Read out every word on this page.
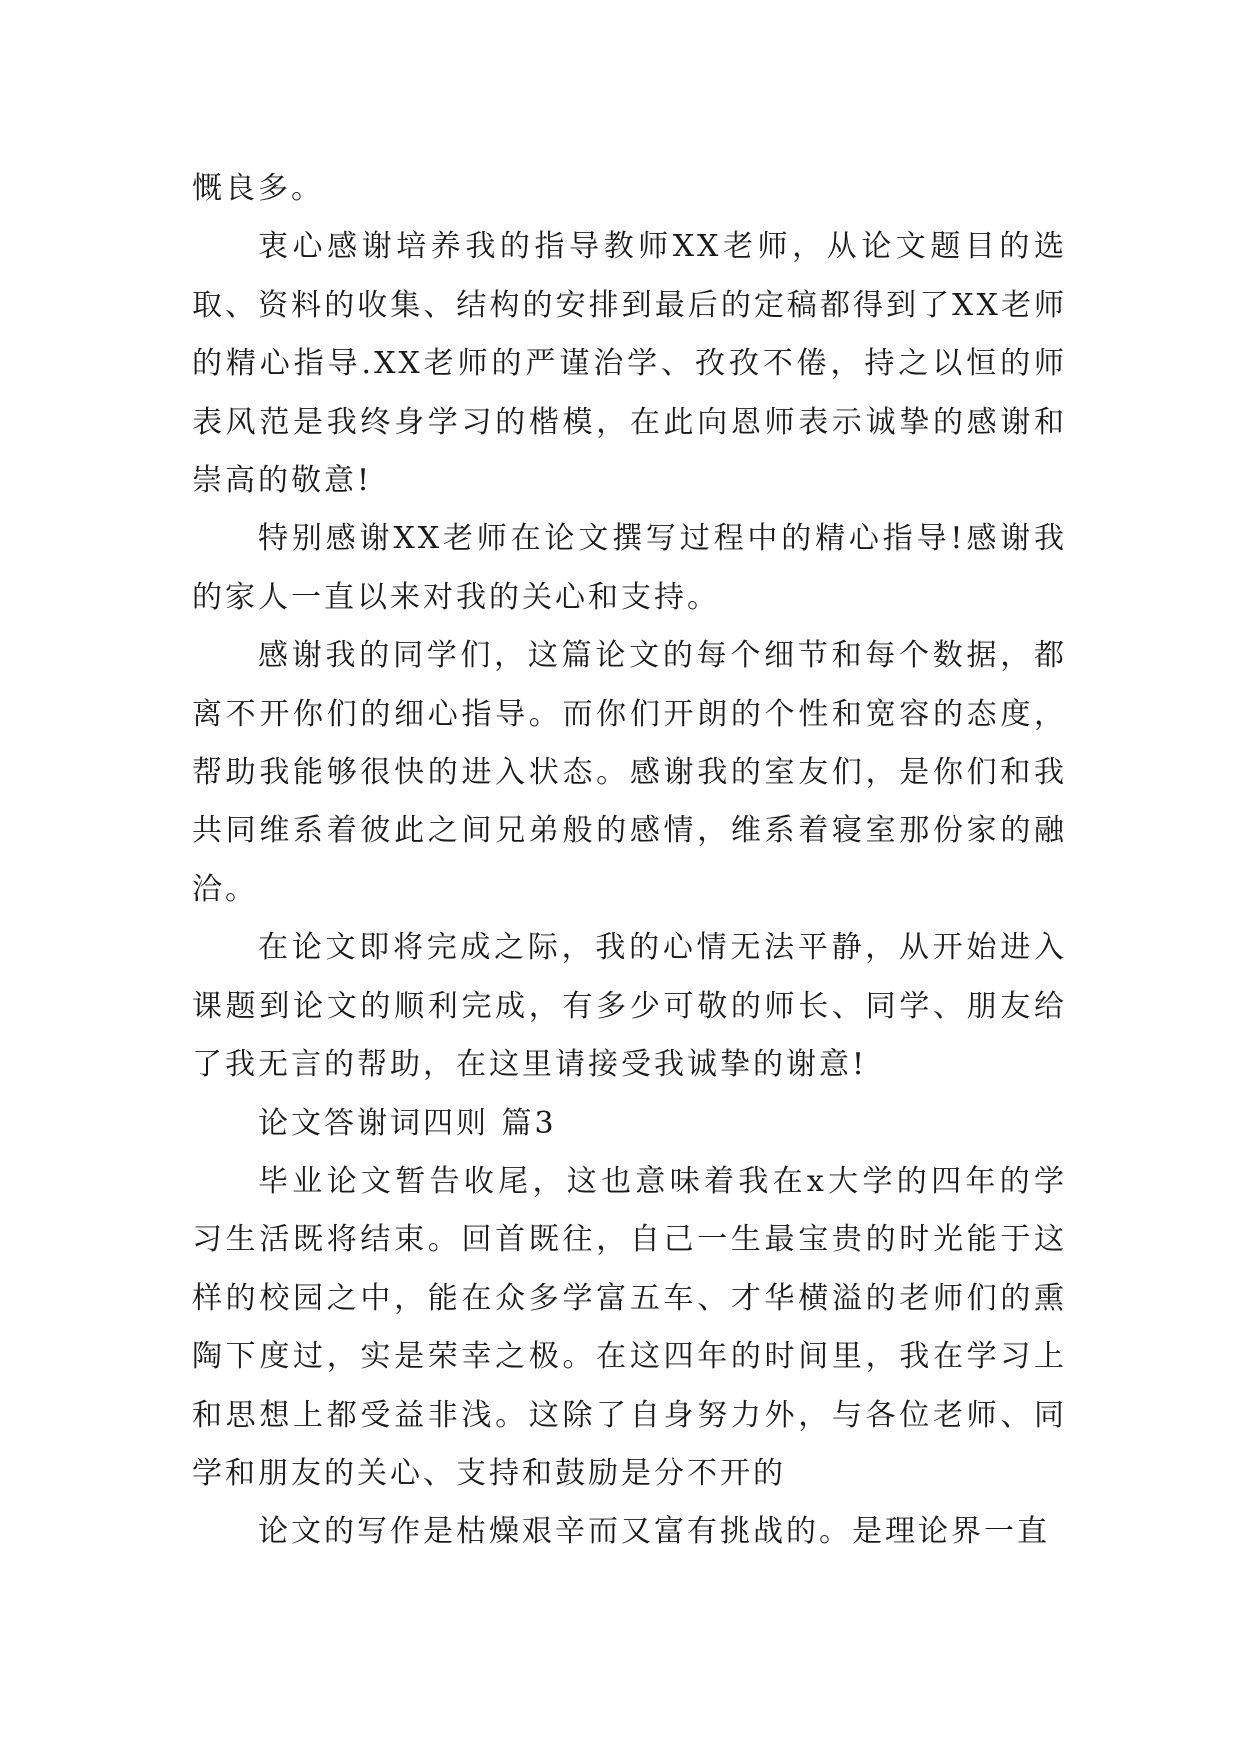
慨良多。

衷心感谢培养我的指导教师XX老师，从论文题目的选取、资料的收集、结构的安排到最后的定稿都得到了XX老师的精心指导.XX老师的严谨治学、孜孜不倦，持之以恒的师表风范是我终身学习的楷模，在此向恩师表示诚挚的感谢和崇高的敬意!

特别感谢XX老师在论文撰写过程中的精心指导!感谢我的家人一直以来对我的关心和支持。

感谢我的同学们，这篇论文的每个细节和每个数据，都离不开你们的细心指导。而你们开朗的个性和宽容的态度，帮助我能够很快的进入状态。感谢我的室友们，是你们和我共同维系着彼此之间兄弟般的感情，维系着寝室那份家的融洽。

在论文即将完成之际，我的心情无法平静，从开始进入课题到论文的顺利完成，有多少可敬的师长、同学、朋友给了我无言的帮助，在这里请接受我诚挚的谢意!

论文答谢词四则 篇3

毕业论文暂告收尾，这也意味着我在x大学的四年的学习生活既将结束。回首既往，自己一生最宝贵的时光能于这样的校园之中，能在众多学富五车、才华横溢的老师们的熏陶下度过，实是荣幸之极。在这四年的时间里，我在学习上和思想上都受益非浅。这除了自身努力外，与各位老师、同学和朋友的关心、支持和鼓励是分不开的

论文的写作是枯燥艰辛而又富有挑战的。是理论界一直
